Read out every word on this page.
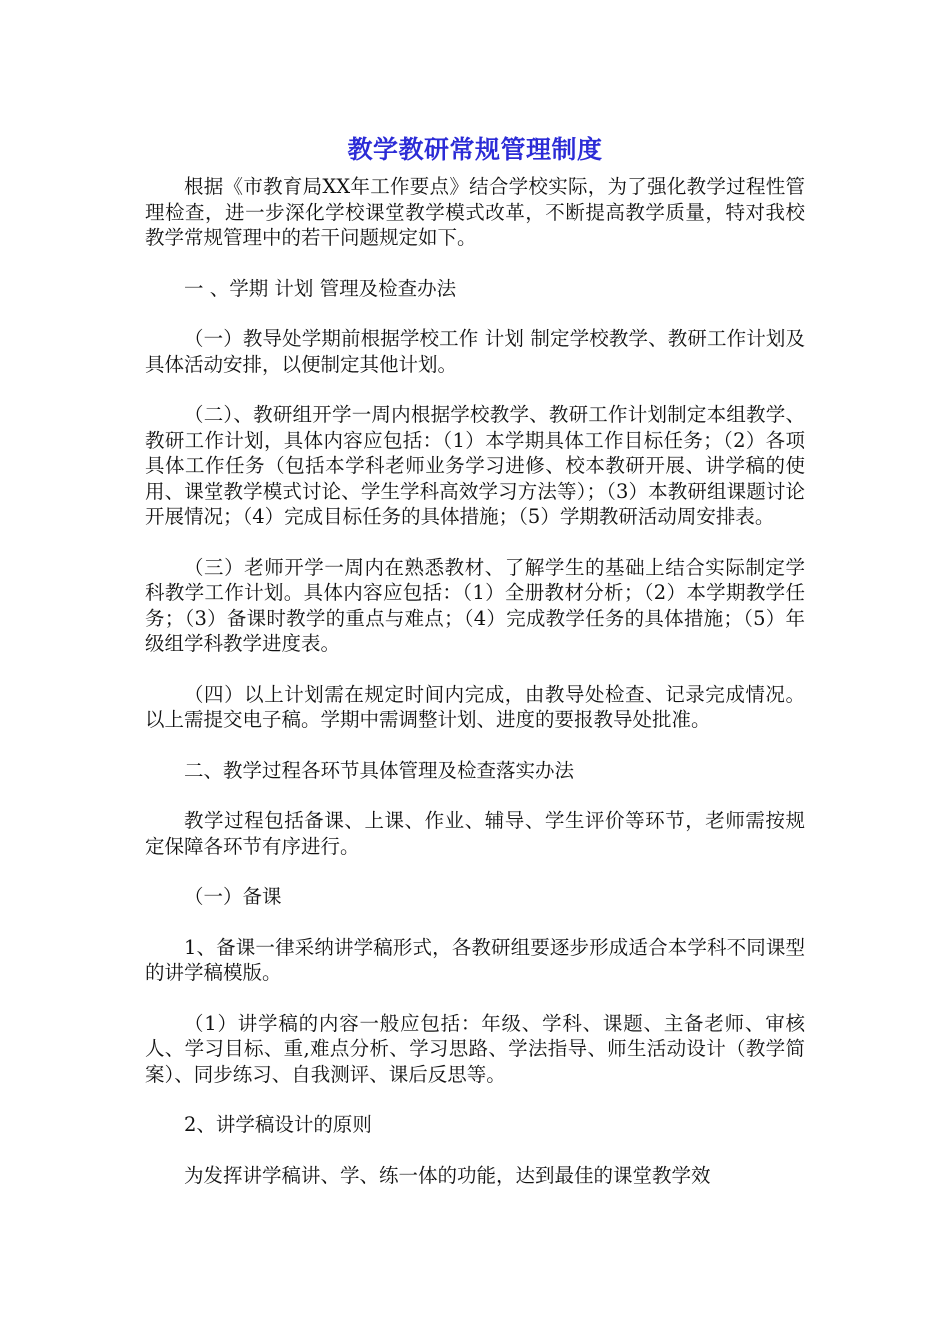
教学教研常规管理制度

根据《市教育局XX年工作要点》结合学校实际，为了强化教学过程性管理检查，进一步深化学校课堂教学模式改革，不断提高教学质量，特对我校教学常规管理中的若干问题规定如下。

一 、学期 计划 管理及检查办法

（一）教导处学期前根据学校工作 计划 制定学校教学、教研工作计划及具体活动安排，以便制定其他计划。

（二）、教研组开学一周内根据学校教学、教研工作计划制定本组教学、教研工作计划，具体内容应包括：（1）本学期具体工作目标任务；（2）各项具体工作任务（包括本学科老师业务学习进修、校本教研开展、讲学稿的使用、课堂教学模式讨论、学生学科高效学习方法等）；（3）本教研组课题讨论开展情况；（4）完成目标任务的具体措施；（5）学期教研活动周安排表。

（三）老师开学一周内在熟悉教材、了解学生的基础上结合实际制定学科教学工作计划。具体内容应包括：（1）全册教材分析；（2）本学期教学任务；（3）备课时教学的重点与难点；（4）完成教学任务的具体措施；（5）年级组学科教学进度表。

（四）以上计划需在规定时间内完成，由教导处检查、记录完成情况。以上需提交电子稿。学期中需调整计划、进度的要报教导处批准。

二、教学过程各环节具体管理及检查落实办法

教学过程包括备课、上课、作业、辅导、学生评价等环节，老师需按规定保障各环节有序进行。

（一）备课

1、备课一律采纳讲学稿形式，各教研组要逐步形成适合本学科不同课型的讲学稿模版。

（1）讲学稿的内容一般应包括：年级、学科、课题、主备老师、审核人、学习目标、重,难点分析、学习思路、学法指导、师生活动设计（教学简案）、同步练习、自我测评、课后反思等。

2、讲学稿设计的原则

为发挥讲学稿讲、学、练一体的功能，达到最佳的课堂教学效
